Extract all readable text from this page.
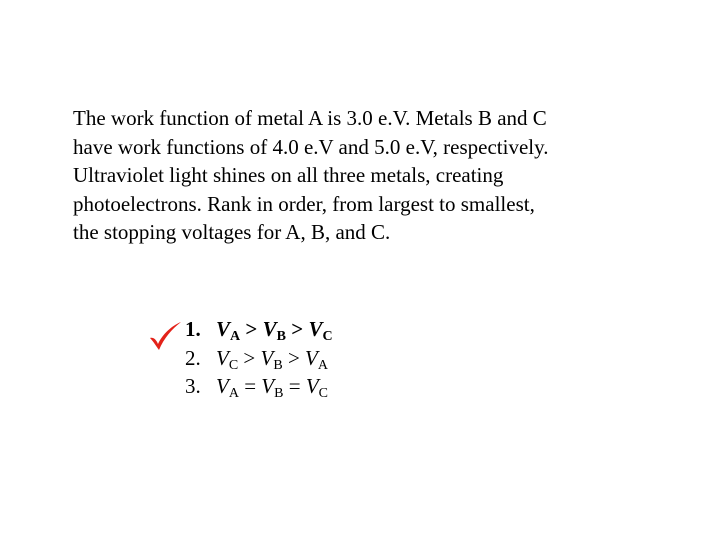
The work function of metal A is 3.0 e.V. Metals B and C
have work functions of 4.0 e.V and 5.0 e.V, respectively.
Ultraviolet light shines on all three metals, creating
photoelectrons. Rank in order, from largest to smallest,
the stopping voltages for A, B, and C.
1. $V_A > V_B > V_C$
2. $V_C > V_B > V_A$
3. $V_A = V_B = V_C$
